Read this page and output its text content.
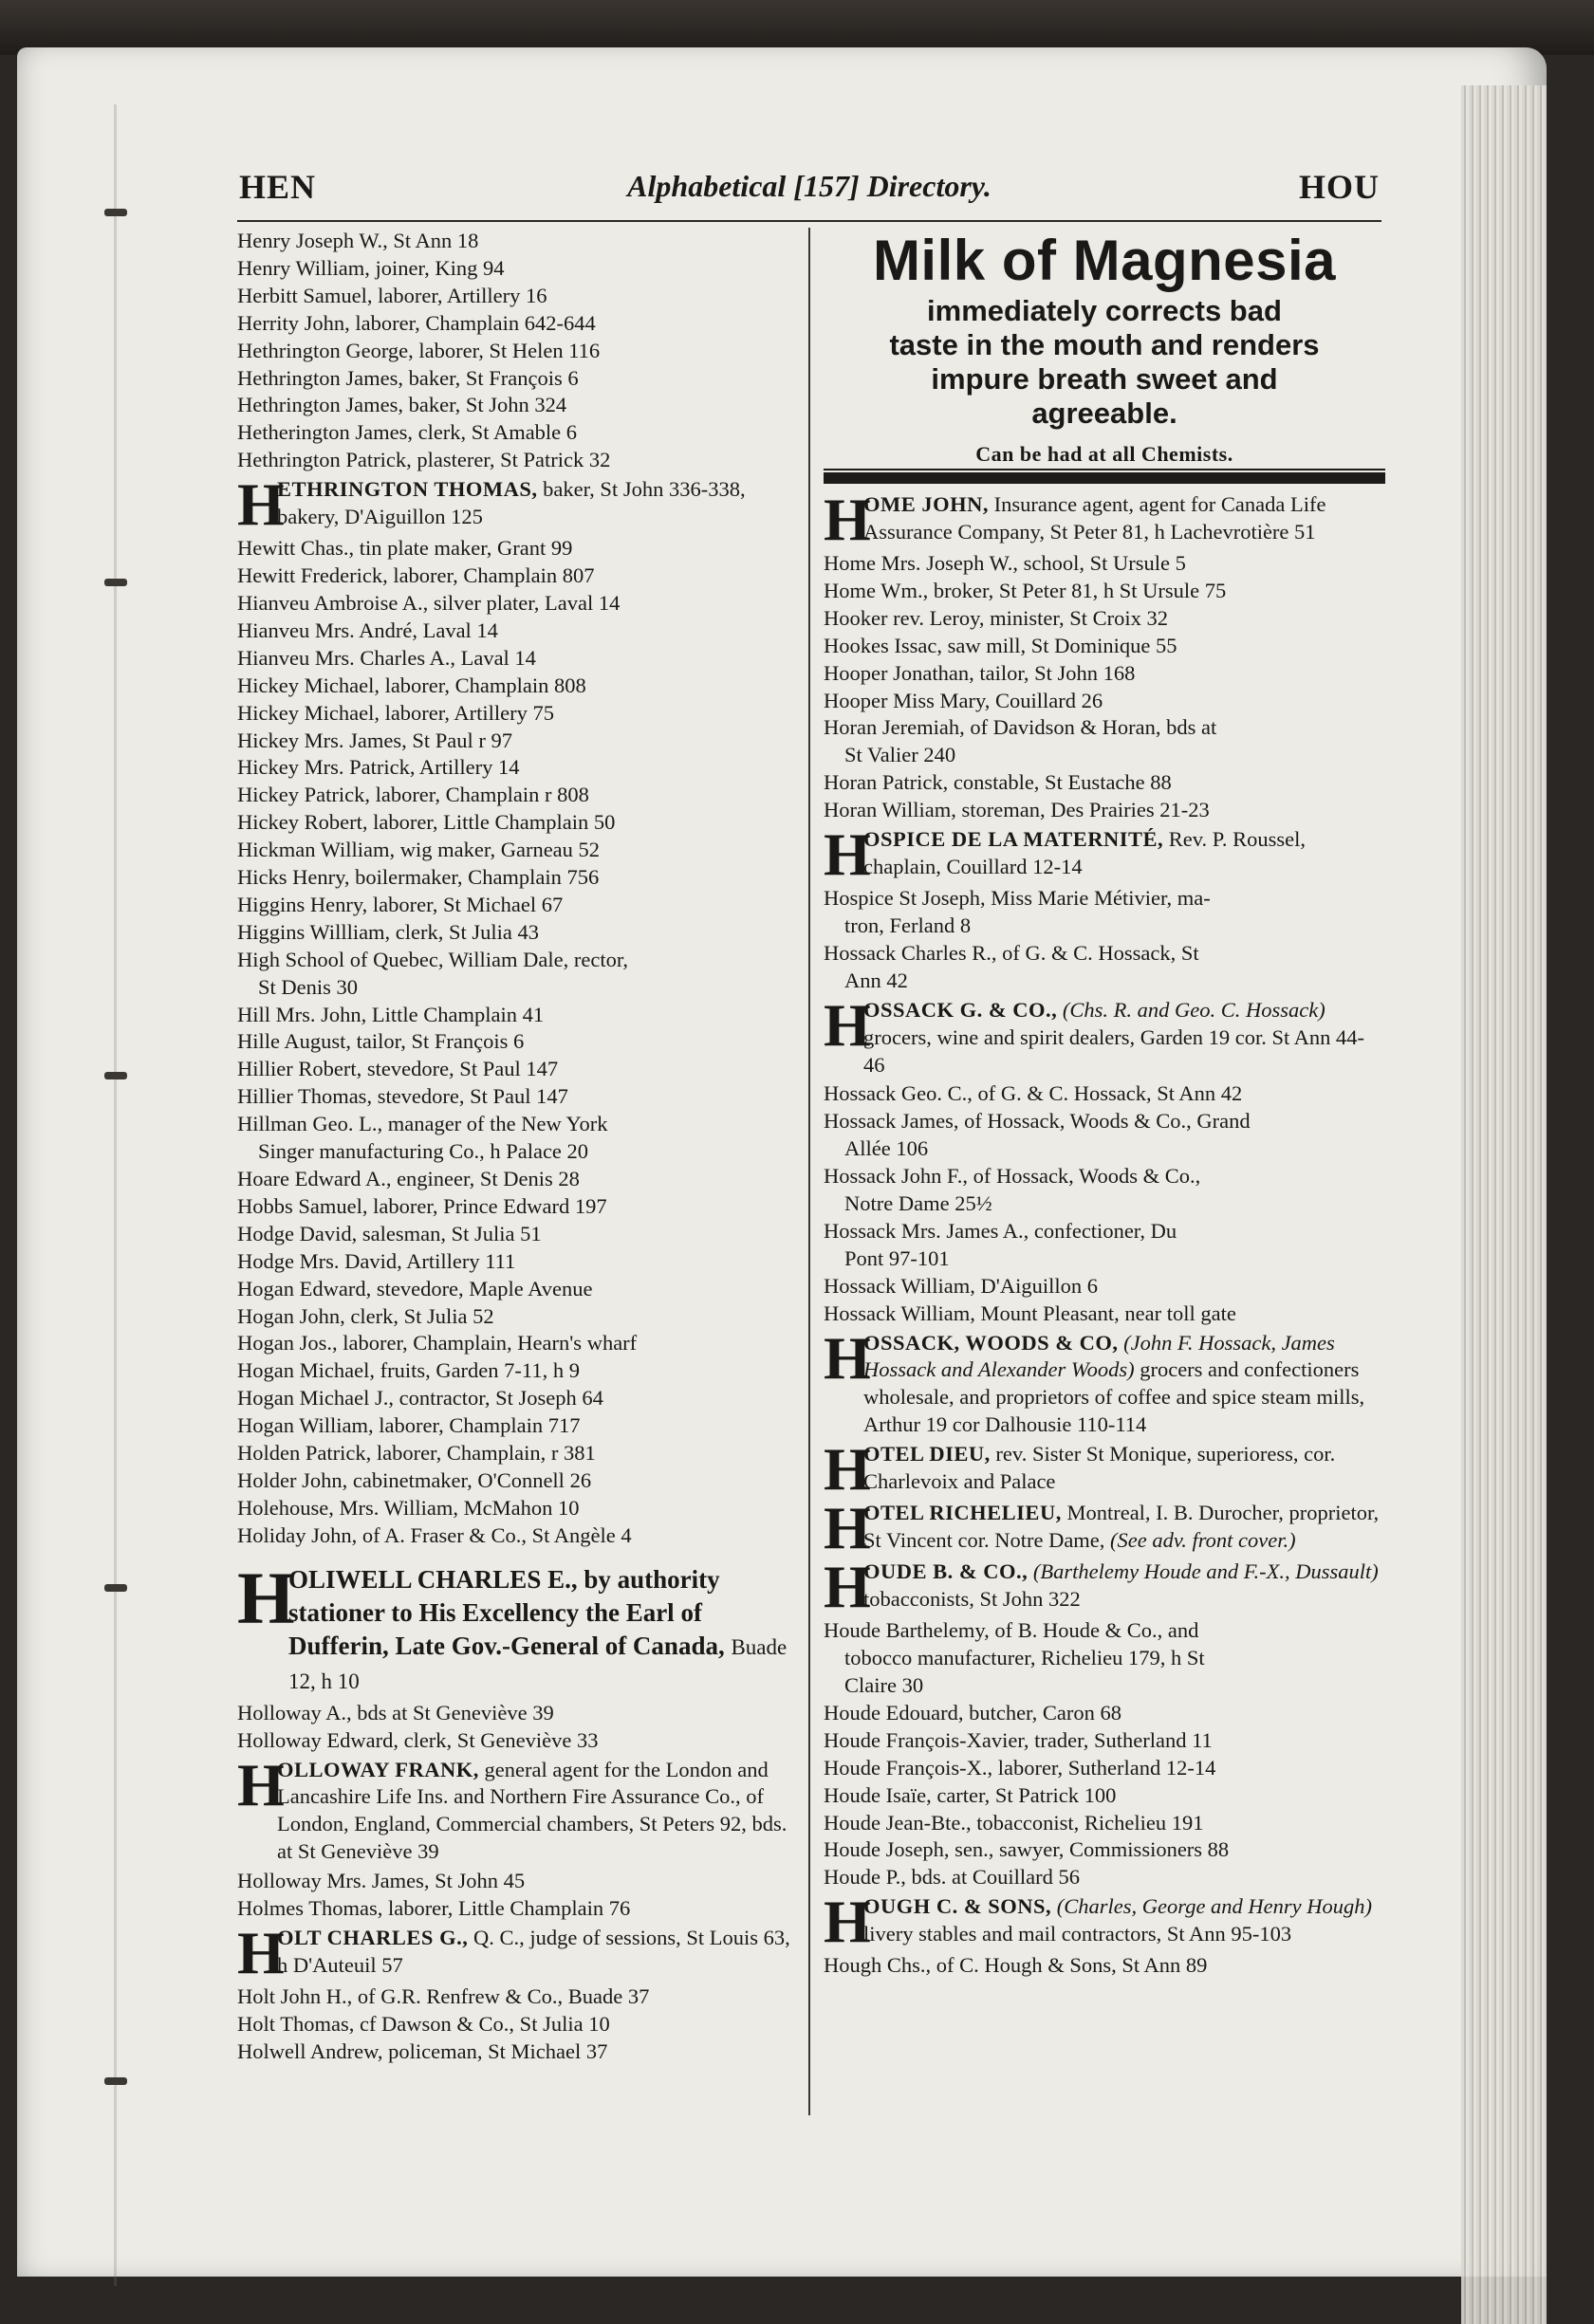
HEN	Alphabetical [157] Directory.	HOU

Henry Joseph W., St Ann 18

Henry William, joiner, King 94

Herbitt Samuel, laborer, Artillery 16

Herrity John, laborer, Champlain 642-644

Hethrington George, laborer, St Helen 116

Hethrington James, baker, St François 6

Hethrington James, baker, St John 324

Hetherington James, clerk, St Amable 6

Hethrington Patrick, plasterer, St Patrick 32

H
ETHRINGTON THOMAS, baker, St John 336-338, bakery, D'Aiguillon 125

Hewitt Chas., tin plate maker, Grant 99

Hewitt Frederick, laborer, Champlain 807

Hianveu Ambroise A., silver plater, Laval 14

Hianveu Mrs. André, Laval 14

Hianveu Mrs. Charles A., Laval 14

Hickey Michael, laborer, Champlain 808

Hickey Michael, laborer, Artillery 75

Hickey Mrs. James, St Paul r 97

Hickey Mrs. Patrick, Artillery 14

Hickey Patrick, laborer, Champlain r 808

Hickey Robert, laborer, Little Champlain 50

Hickman William, wig maker, Garneau 52

Hicks Henry, boilermaker, Champlain 756

Higgins Henry, laborer, St Michael 67

Higgins Willliam, clerk, St Julia 43

High School of Quebec, William Dale, rector,
St Denis 30

Hill Mrs. John, Little Champlain 41

Hille August, tailor, St François 6

Hillier Robert, stevedore, St Paul 147

Hillier Thomas, stevedore, St Paul 147

Hillman Geo. L., manager of the New York
Singer manufacturing Co., h Palace 20

Hoare Edward A., engineer, St Denis 28

Hobbs Samuel, laborer, Prince Edward 197

Hodge David, salesman, St Julia 51

Hodge Mrs. David, Artillery 111

Hogan Edward, stevedore, Maple Avenue

Hogan John, clerk, St Julia 52

Hogan Jos., laborer, Champlain, Hearn's wharf

Hogan Michael, fruits, Garden 7-11, h 9

Hogan Michael J., contractor, St Joseph 64

Hogan William, laborer, Champlain 717

Holden Patrick, laborer, Champlain, r 381

Holder John, cabinetmaker, O'Connell 26

Holehouse, Mrs. William, McMahon 10

Holiday John, of A. Fraser & Co., St Angèle 4

H
OLIWELL CHARLES E., by authority stationer to His Excellency the Earl of Dufferin, Late Gov.-General of Canada, Buade 12, h 10

Holloway A., bds at St Geneviève 39

Holloway Edward, clerk, St Geneviève 33

H
OLLOWAY FRANK, general agent for the London and Lancashire Life Ins. and Northern Fire Assurance Co., of London, England, Commercial chambers, St Peters 92, bds. at St Geneviève 39

Holloway Mrs. James, St John 45

Holmes Thomas, laborer, Little Champlain 76

H
OLT CHARLES G., Q. C., judge of sessions, St Louis 63, h D'Auteuil 57

Holt John H., of G.R. Renfrew & Co., Buade 37

Holt Thomas, cf Dawson & Co., St Julia 10

Holwell Andrew, policeman, St Michael 37

Milk of Magnesia
immediately corrects bad
taste in the mouth and renders
impure breath sweet and
agreeable.
Can be had at all Chemists.
H
OME JOHN, Insurance agent, agent for Canada Life Assurance Company, St Peter 81, h Lachevrotière 51

Home Mrs. Joseph W., school, St Ursule 5

Home Wm., broker, St Peter 81, h St Ursule 75

Hooker rev. Leroy, minister, St Croix 32

Hookes Issac, saw mill, St Dominique 55

Hooper Jonathan, tailor, St John 168

Hooper Miss Mary, Couillard 26

Horan Jeremiah, of Davidson & Horan, bds at
St Valier 240

Horan Patrick, constable, St Eustache 88

Horan William, storeman, Des Prairies 21-23

H
OSPICE DE LA MATERNITÉ, Rev. P. Roussel, chaplain, Couillard 12-14

Hospice St Joseph, Miss Marie Métivier, ma-
tron, Ferland 8

Hossack Charles R., of G. & C. Hossack, St
Ann 42

H
OSSACK G. & CO., (Chs. R. and Geo. C. Hossack) grocers, wine and spirit dealers, Garden 19 cor. St Ann 44-46

Hossack Geo. C., of G. & C. Hossack, St Ann 42

Hossack James, of Hossack, Woods & Co., Grand
Allée 106

Hossack John F., of Hossack, Woods & Co.,
Notre Dame 25½

Hossack Mrs. James A., confectioner, Du
Pont 97-101

Hossack William, D'Aiguillon 6

Hossack William, Mount Pleasant, near toll gate

H
OSSACK, WOODS & CO, (John F. Hossack, James Hossack and Alexander Woods) grocers and confectioners wholesale, and proprietors of coffee and spice steam mills, Arthur 19 cor Dalhousie 110-114
H
OTEL DIEU, rev. Sister St Monique, superioress, cor. Charlevoix and Palace
H
OTEL RICHELIEU, Montreal, I. B. Durocher, proprietor, St Vincent cor. Notre Dame, (See adv. front cover.)
H
OUDE B. & CO., (Barthelemy Houde and F.-X., Dussault) tobacconists, St John 322

Houde Barthelemy, of B. Houde & Co., and
tobocco manufacturer, Richelieu 179, h St
Claire 30

Houde Edouard, butcher, Caron 68

Houde François-Xavier, trader, Sutherland 11

Houde François-X., laborer, Sutherland 12-14

Houde Isaïe, carter, St Patrick 100

Houde Jean-Bte., tobacconist, Richelieu 191

Houde Joseph, sen., sawyer, Commissioners 88

Houde P., bds. at Couillard 56

H
OUGH C. & SONS, (Charles, George and Henry Hough) livery stables and mail contractors, St Ann 95-103

Hough Chs., of C. Hough & Sons, St Ann 89
